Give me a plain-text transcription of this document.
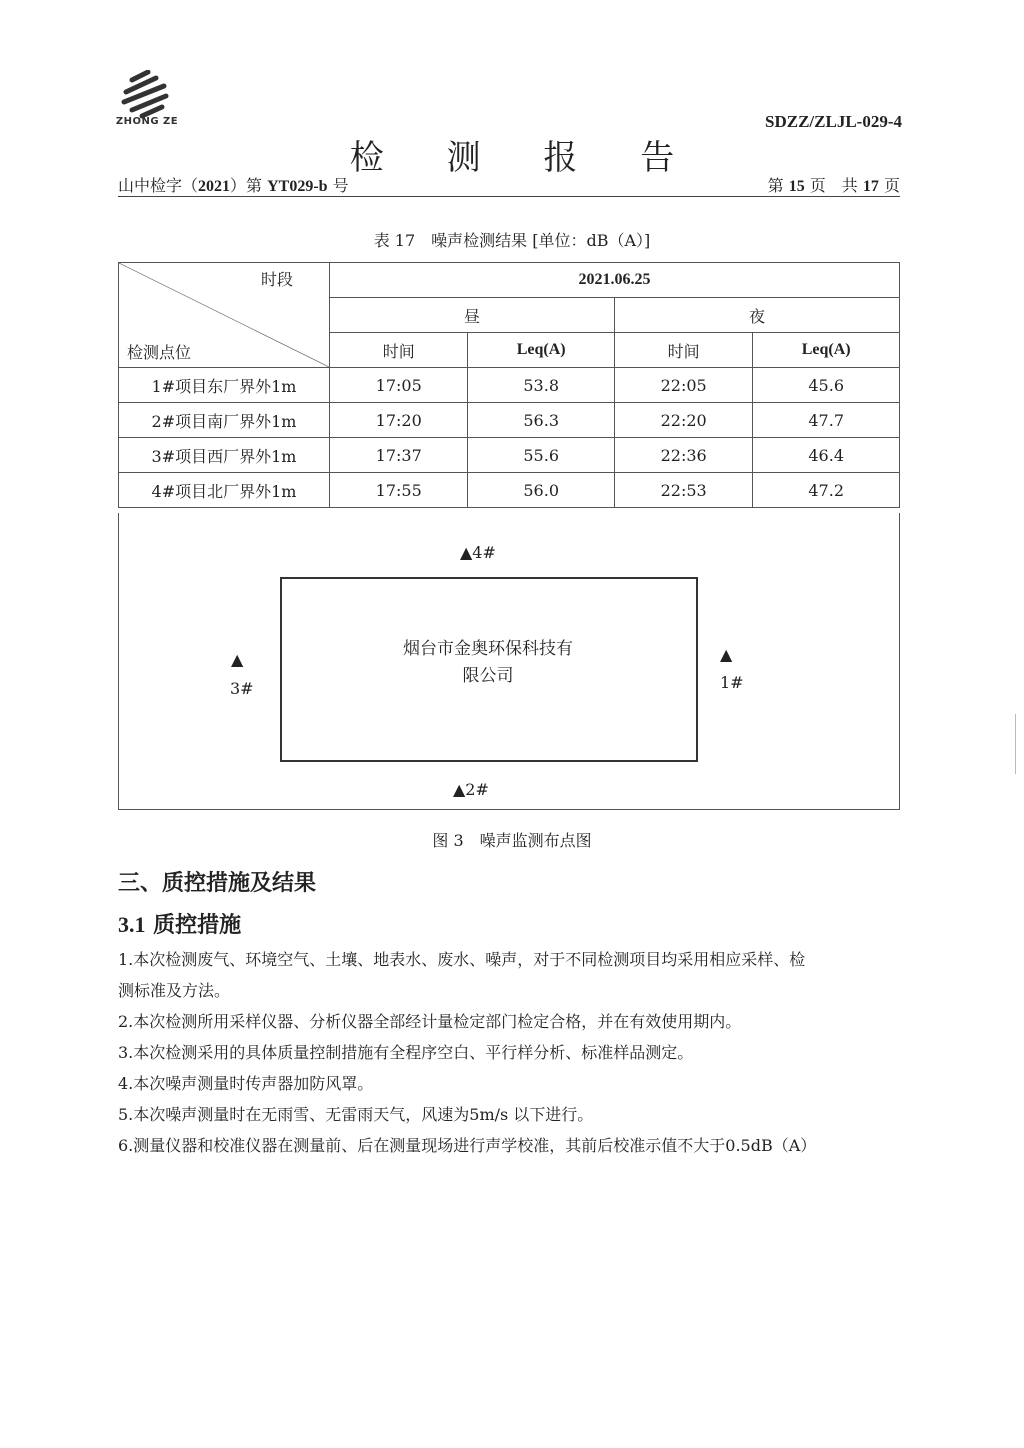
ZHONG ZE	SDZZ/ZLJL-029-4
检 测 报 告
山中检字（2021）第 YT029-b 号	第 15 页　共 17 页
表 17　噪声检测结果 [单位：dB（A）]
时段
检测点位	2021.06.25			
	昼		夜	
	时间	Leq(A)	时间	Leq(A)
1#项目东厂界外1m	17:05	53.8	22:05	45.6
2#项目南厂界外1m	17:20	56.3	22:20	47.7
3#项目西厂界外1m	17:37	55.6	22:36	46.4
4#项目北厂界外1m	17:55	56.0	22:53	47.2
▲4#
烟台市金奥环保科技有
限公司
▲
3#
▲
1#
▲2#
图 3　噪声监测布点图
三、质控措施及结果
3.1 质控措施

1.本次检测废气、环境空气、土壤、地表水、废水、噪声，对于不同检测项目均采用相应采样、检

测标准及方法。

2.本次检测所用采样仪器、分析仪器全部经计量检定部门检定合格，并在有效使用期内。

3.本次检测采用的具体质量控制措施有全程序空白、平行样分析、标准样品测定。

4.本次噪声测量时传声器加防风罩。

5.本次噪声测量时在无雨雪、无雷雨天气，风速为5m/s 以下进行。

6.测量仪器和校准仪器在测量前、后在测量现场进行声学校准，其前后校准示值不大于0.5dB（A）
